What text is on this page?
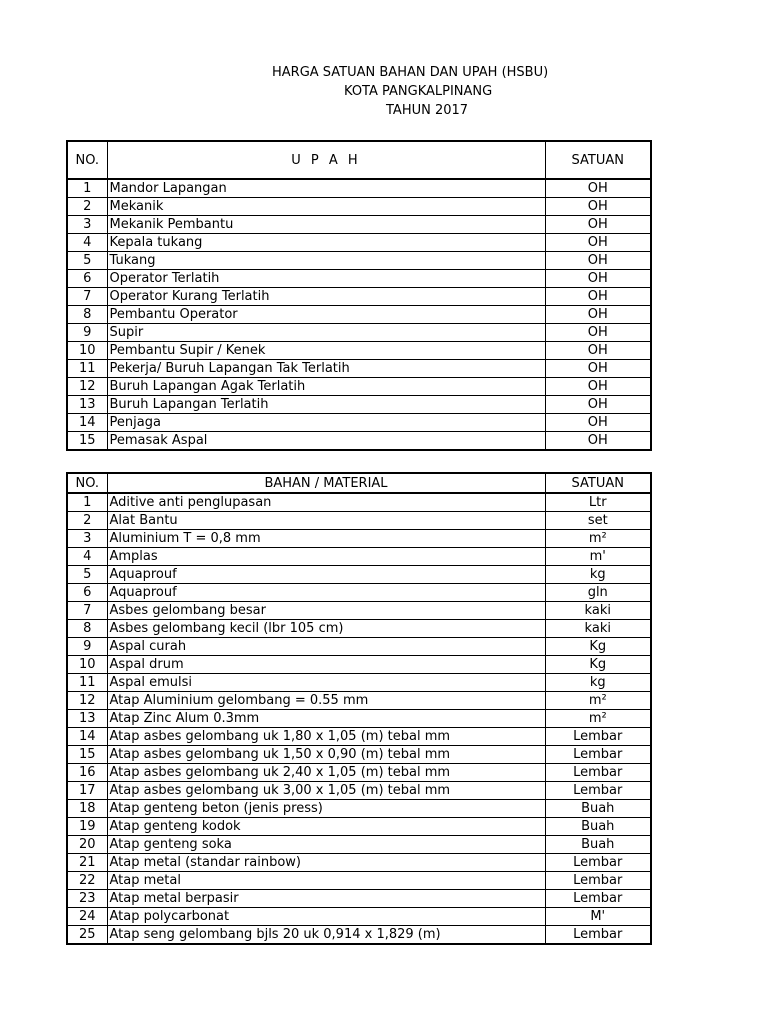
HARGA SATUAN BAHAN DAN UPAH (HSBU)
KOTA PANGKALPINANG
TAHUN 2017
NO.	U P A H	SATUAN
1	Mandor Lapangan	OH
2	Mekanik	OH
3	Mekanik Pembantu	OH
4	Kepala tukang	OH
5	Tukang	OH
6	Operator Terlatih	OH
7	Operator Kurang Terlatih	OH
8	Pembantu Operator	OH
9	Supir	OH
10	Pembantu Supir / Kenek	OH
11	Pekerja/ Buruh Lapangan Tak Terlatih	OH
12	Buruh Lapangan Agak Terlatih	OH
13	Buruh Lapangan Terlatih	OH
14	Penjaga	OH
15	Pemasak Aspal	OH
NO.	BAHAN / MATERIAL	SATUAN
1	Aditive anti penglupasan	Ltr
2	Alat Bantu	set
3	Aluminium T = 0,8 mm	m²
4	Amplas	m'
5	Aquaprouf	kg
6	Aquaprouf	gln
7	Asbes gelombang besar	kaki
8	Asbes gelombang kecil (lbr 105 cm)	kaki
9	Aspal curah	Kg
10	Aspal drum	Kg
11	Aspal emulsi	kg
12	Atap Aluminium gelombang = 0.55 mm	m²
13	Atap Zinc Alum 0.3mm	m²
14	Atap asbes gelombang uk 1,80 x 1,05 (m) tebal mm	Lembar
15	Atap asbes gelombang uk 1,50 x 0,90 (m) tebal mm	Lembar
16	Atap asbes gelombang uk 2,40 x 1,05 (m) tebal mm	Lembar
17	Atap asbes gelombang uk 3,00 x 1,05 (m) tebal mm	Lembar
18	Atap genteng beton (jenis press)	Buah
19	Atap genteng kodok	Buah
20	Atap genteng soka	Buah
21	Atap metal (standar rainbow)	Lembar
22	Atap metal	Lembar
23	Atap metal berpasir	Lembar
24	Atap polycarbonat	M'
25	Atap seng gelombang bjls 20 uk 0,914 x 1,829 (m)	Lembar
